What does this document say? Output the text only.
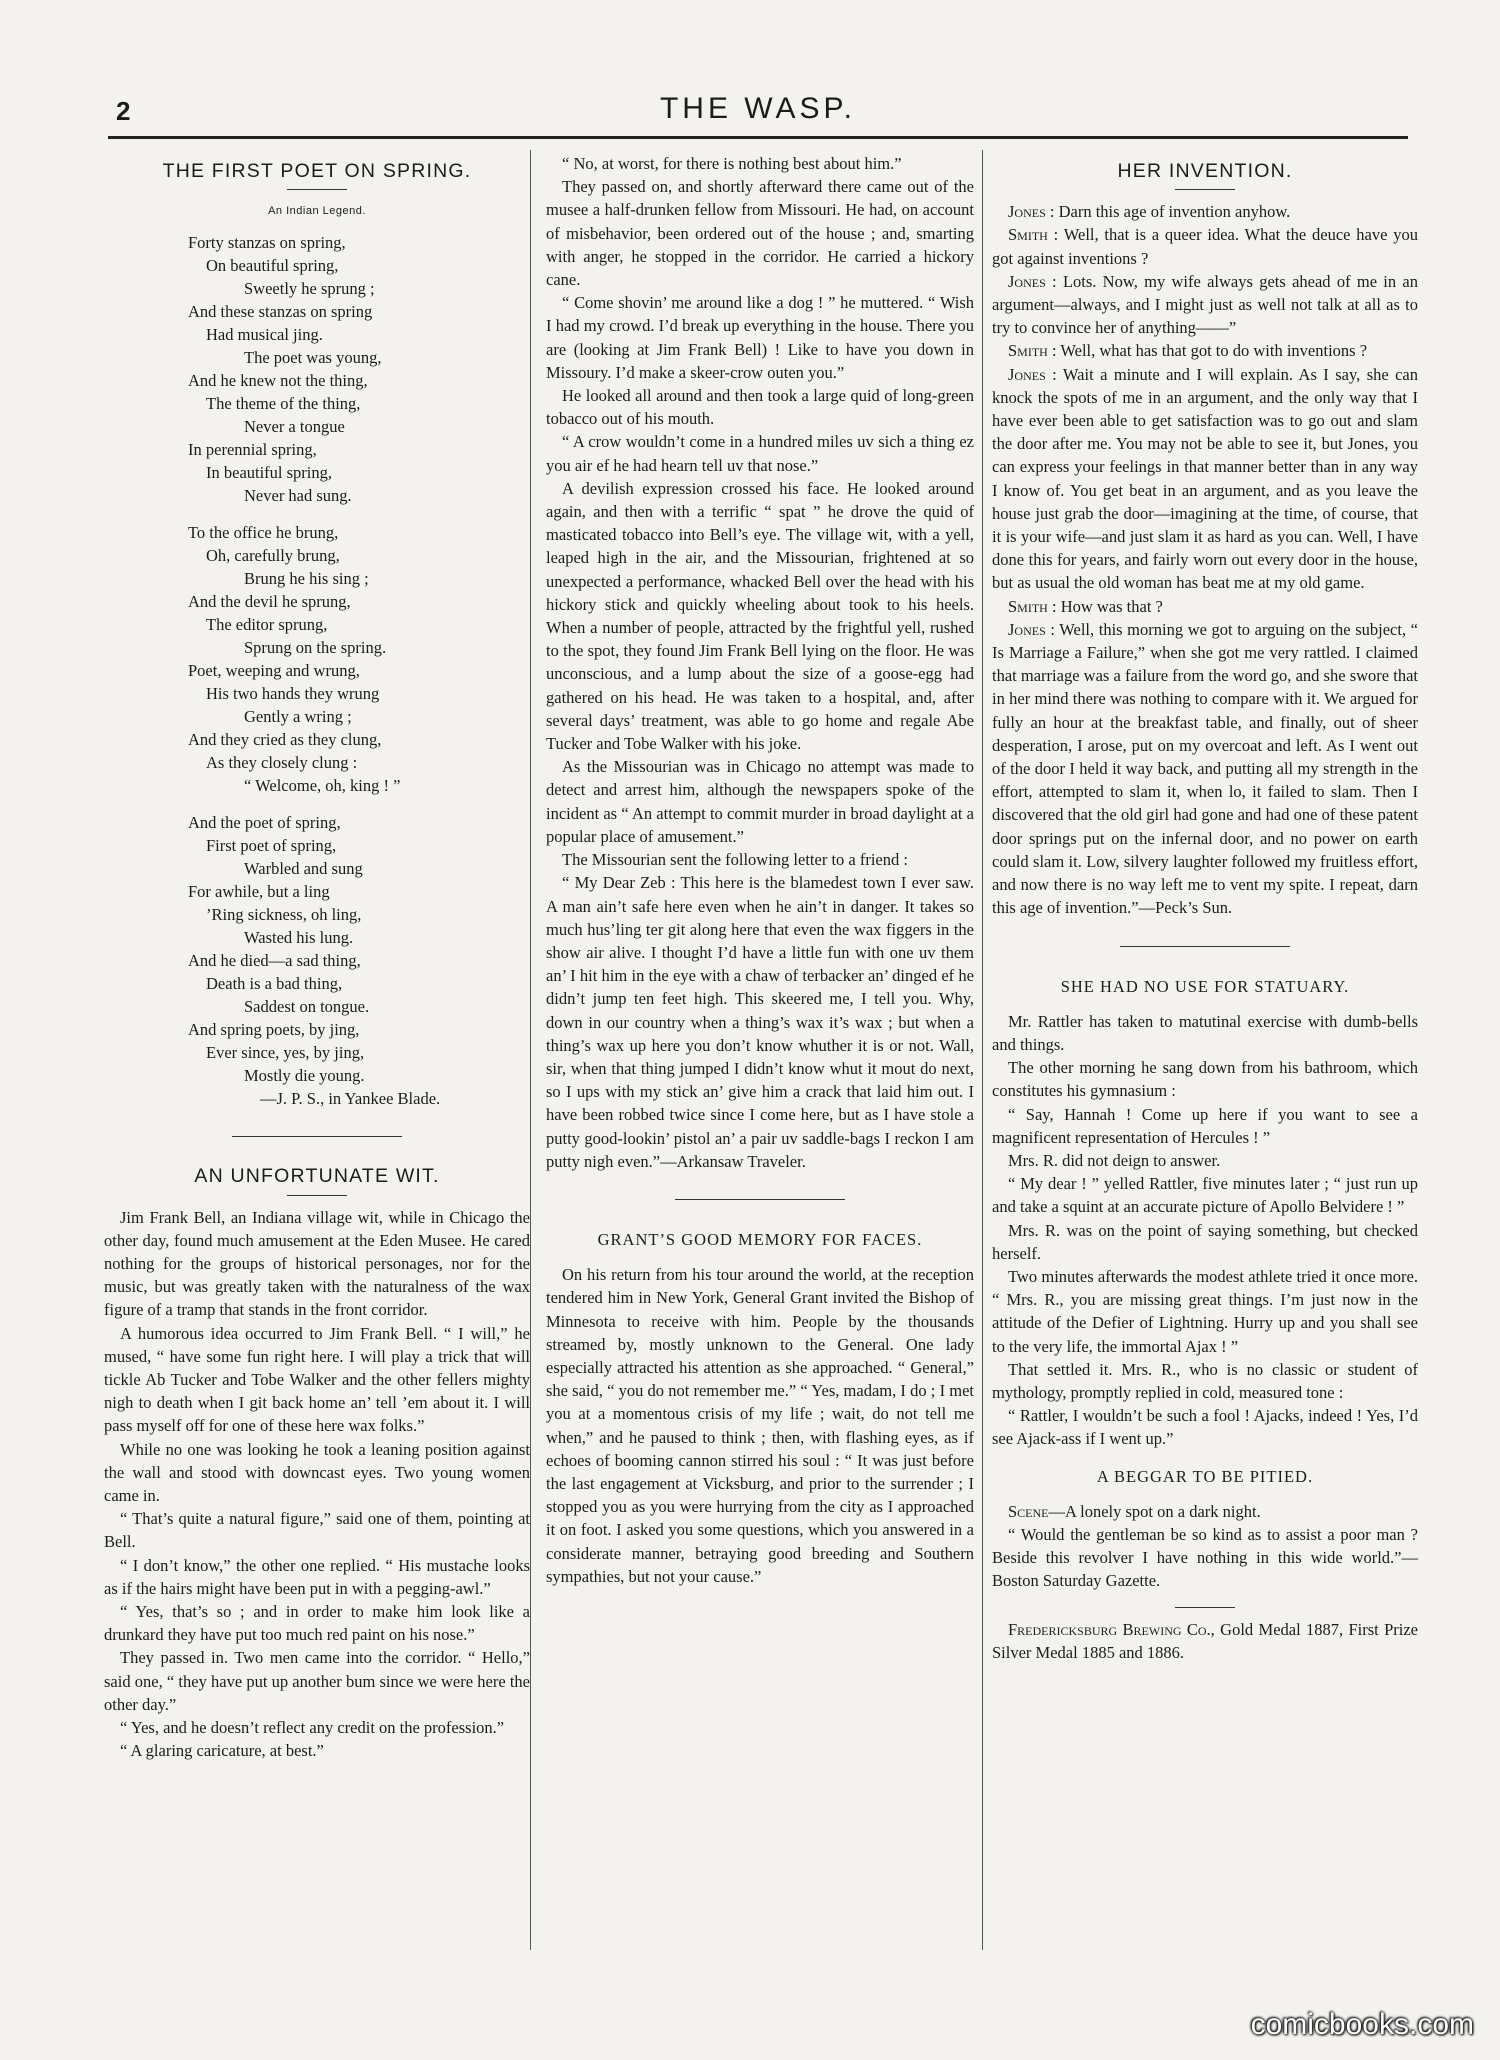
2	THE WASP.
THE FIRST POET ON SPRING.
An Indian Legend.
Forty stanzas on spring,
On beautiful spring,
Sweetly he sprung ;
And these stanzas on spring
Had musical jing.
The poet was young,
And he knew not the thing,
The theme of the thing,
Never a tongue
In perennial spring,
In beautiful spring,
Never had sung.
To the office he brung,
Oh, carefully brung,
Brung he his sing ;
And the devil he sprung,
The editor sprung,
Sprung on the spring.
Poet, weeping and wrung,
His two hands they wrung
Gently a wring ;
And they cried as they clung,
As they closely clung :
“ Welcome, oh, king ! ”
And the poet of spring,
First poet of spring,
Warbled and sung
For awhile, but a ling
’Ring sickness, oh ling,
Wasted his lung.
And he died—a sad thing,
Death is a bad thing,
Saddest on tongue.
And spring poets, by jing,
Ever since, yes, by jing,
Mostly die young.
—J. P. S., in Yankee Blade.
AN UNFORTUNATE WIT.

Jim Frank Bell, an Indiana village wit, while in Chicago the other day, found much amusement at the Eden Musee. He cared nothing for the groups of historical personages, nor for the music, but was greatly taken with the naturalness of the wax figure of a tramp that stands in the front corridor.

A humorous idea occurred to Jim Frank Bell. “ I will,” he mused, “ have some fun right here. I will play a trick that will tickle Ab Tucker and Tobe Walker and the other fellers mighty nigh to death when I git back home an’ tell ’em about it. I will pass myself off for one of these here wax folks.”

While no one was looking he took a leaning position against the wall and stood with downcast eyes. Two young women came in.

“ That’s quite a natural figure,” said one of them, pointing at Bell.

“ I don’t know,” the other one replied. “ His mustache looks as if the hairs might have been put in with a pegging-awl.”

“ Yes, that’s so ; and in order to make him look like a drunkard they have put too much red paint on his nose.”

They passed in. Two men came into the corridor. “ Hello,” said one, “ they have put up another bum since we were here the other day.”

“ Yes, and he doesn’t reflect any credit on the profession.”

“ A glaring caricature, at best.”

“ No, at worst, for there is nothing best about him.”

They passed on, and shortly afterward there came out of the musee a half-drunken fellow from Missouri. He had, on account of misbehavior, been ordered out of the house ; and, smarting with anger, he stopped in the corridor. He carried a hickory cane.

“ Come shovin’ me around like a dog ! ” he muttered. “ Wish I had my crowd. I’d break up everything in the house. There you are (looking at Jim Frank Bell) ! Like to have you down in Missoury. I’d make a skeer-crow outen you.”

He looked all around and then took a large quid of long-green tobacco out of his mouth.

“ A crow wouldn’t come in a hundred miles uv sich a thing ez you air ef he had hearn tell uv that nose.”

A devilish expression crossed his face. He looked around again, and then with a terrific “ spat ” he drove the quid of masticated tobacco into Bell’s eye. The village wit, with a yell, leaped high in the air, and the Missourian, frightened at so unexpected a performance, whacked Bell over the head with his hickory stick and quickly wheeling about took to his heels. When a number of people, attracted by the frightful yell, rushed to the spot, they found Jim Frank Bell lying on the floor. He was unconscious, and a lump about the size of a goose-egg had gathered on his head. He was taken to a hospital, and, after several days’ treatment, was able to go home and regale Abe Tucker and Tobe Walker with his joke.

As the Missourian was in Chicago no attempt was made to detect and arrest him, although the newspapers spoke of the incident as “ An attempt to commit murder in broad daylight at a popular place of amusement.”

The Missourian sent the following letter to a friend :

“ My Dear Zeb : This here is the blamedest town I ever saw. A man ain’t safe here even when he ain’t in danger. It takes so much hus’ling ter git along here that even the wax figgers in the show air alive. I thought I’d have a little fun with one uv them an’ I hit him in the eye with a chaw of terbacker an’ dinged ef he didn’t jump ten feet high. This skeered me, I tell you. Why, down in our country when a thing’s wax it’s wax ; but when a thing’s wax up here you don’t know whuther it is or not. Wall, sir, when that thing jumped I didn’t know whut it mout do next, so I ups with my stick an’ give him a crack that laid him out. I have been robbed twice since I come here, but as I have stole a putty good-lookin’ pistol an’ a pair uv saddle-bags I reckon I am putty nigh even.”—Arkansaw Traveler.

GRANT’S GOOD MEMORY FOR FACES.

On his return from his tour around the world, at the reception tendered him in New York, General Grant invited the Bishop of Minnesota to receive with him. People by the thousands streamed by, mostly unknown to the General. One lady especially attracted his attention as she approached. “ General,” she said, “ you do not remember me.” “ Yes, madam, I do ; I met you at a momentous crisis of my life ; wait, do not tell me when,” and he paused to think ; then, with flashing eyes, as if echoes of booming cannon stirred his soul : “ It was just before the last engagement at Vicksburg, and prior to the surrender ; I stopped you as you were hurrying from the city as I approached it on foot. I asked you some questions, which you answered in a considerate manner, betraying good breeding and Southern sympathies, but not your cause.”

HER INVENTION.

Jones : Darn this age of invention anyhow.

Smith : Well, that is a queer idea. What the deuce have you got against inventions ?

Jones : Lots. Now, my wife always gets ahead of me in an argument—always, and I might just as well not talk at all as to try to convince her of anything——”

Smith : Well, what has that got to do with inventions ?

Jones : Wait a minute and I will explain. As I say, she can knock the spots of me in an argument, and the only way that I have ever been able to get satisfaction was to go out and slam the door after me. You may not be able to see it, but Jones, you can express your feelings in that manner better than in any way I know of. You get beat in an argument, and as you leave the house just grab the door—imagining at the time, of course, that it is your wife—and just slam it as hard as you can. Well, I have done this for years, and fairly worn out every door in the house, but as usual the old woman has beat me at my old game.

Smith : How was that ?

Jones : Well, this morning we got to arguing on the subject, “ Is Marriage a Failure,” when she got me very rattled. I claimed that marriage was a failure from the word go, and she swore that in her mind there was nothing to compare with it. We argued for fully an hour at the breakfast table, and finally, out of sheer desperation, I arose, put on my overcoat and left. As I went out of the door I held it way back, and putting all my strength in the effort, attempted to slam it, when lo, it failed to slam. Then I discovered that the old girl had gone and had one of these patent door springs put on the infernal door, and no power on earth could slam it. Low, silvery laughter followed my fruitless effort, and now there is no way left me to vent my spite. I repeat, darn this age of invention.”—Peck’s Sun.

SHE HAD NO USE FOR STATUARY.

Mr. Rattler has taken to matutinal exercise with dumb-bells and things.

The other morning he sang down from his bathroom, which constitutes his gymnasium :

“ Say, Hannah ! Come up here if you want to see a magnificent representation of Hercules ! ”

Mrs. R. did not deign to answer.

“ My dear ! ” yelled Rattler, five minutes later ; “ just run up and take a squint at an accurate picture of Apollo Belvidere ! ”

Mrs. R. was on the point of saying something, but checked herself.

Two minutes afterwards the modest athlete tried it once more. “ Mrs. R., you are missing great things. I’m just now in the attitude of the Defier of Lightning. Hurry up and you shall see to the very life, the immortal Ajax ! ”

That settled it. Mrs. R., who is no classic or student of mythology, promptly replied in cold, measured tone :

“ Rattler, I wouldn’t be such a fool ! Ajacks, indeed ! Yes, I’d see Ajack-ass if I went up.”

A BEGGAR TO BE PITIED.

Scene—A lonely spot on a dark night.

“ Would the gentleman be so kind as to assist a poor man ? Beside this revolver I have nothing in this wide world.”—Boston Saturday Gazette.

Fredericksburg Brewing Co., Gold Medal 1887, First Prize Silver Medal 1885 and 1886.

comicbooks.com
